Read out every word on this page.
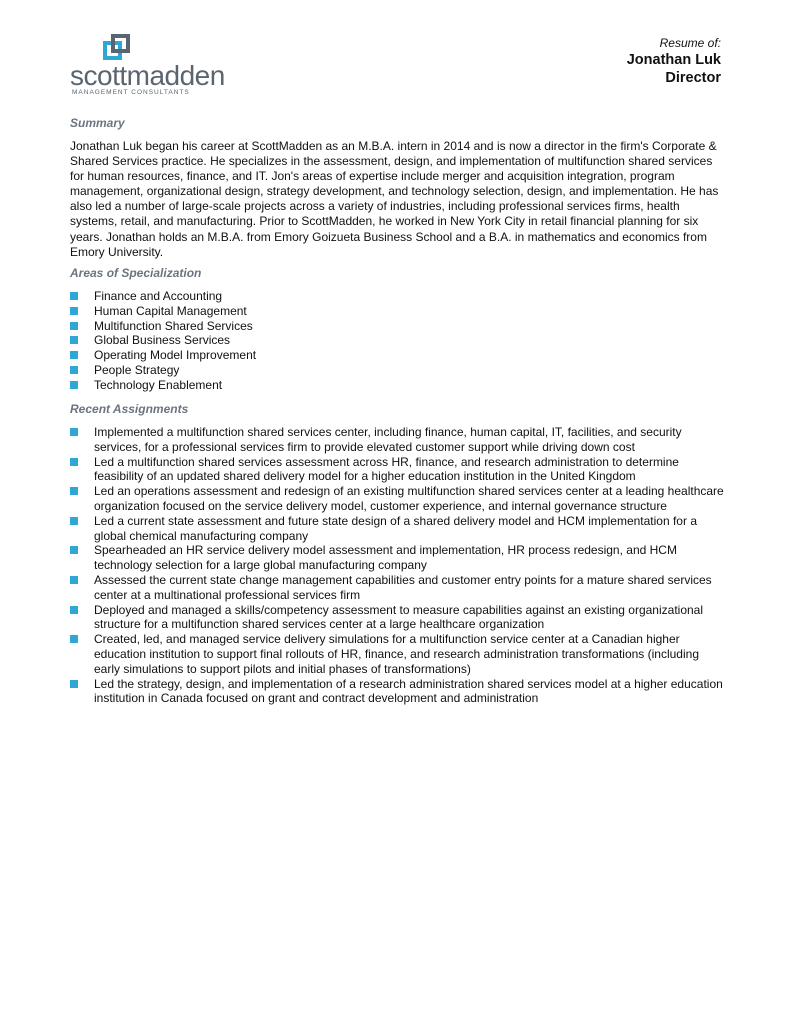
scottmadden
MANAGEMENT CONSULTANTS
Resume of:
Jonathan Luk
Director
Summary

Jonathan Luk began his career at ScottMadden as an M.B.A. intern in 2014 and is now a director in the firm's Corporate & Shared Services practice. He specializes in the assessment, design, and implementation of multifunction shared services for human resources, finance, and IT. Jon's areas of expertise include merger and acquisition integration, program management, organizational design, strategy development, and technology selection, design, and implementation. He has also led a number of large-scale projects across a variety of industries, including professional services firms, health systems, retail, and manufacturing. Prior to ScottMadden, he worked in New York City in retail financial planning for six years. Jonathan holds an M.B.A. from Emory Goizueta Business School and a B.A. in mathematics and economics from Emory University.

Areas of Specialization
Finance and Accounting
Human Capital Management
Multifunction Shared Services
Global Business Services
Operating Model Improvement
People Strategy
Technology Enablement
Recent Assignments
Implemented a multifunction shared services center, including finance, human capital, IT, facilities, and security services, for a professional services firm to provide elevated customer support while driving down cost
Led a multifunction shared services assessment across HR, finance, and research administration to determine feasibility of an updated shared delivery model for a higher education institution in the United Kingdom
Led an operations assessment and redesign of an existing multifunction shared services center at a leading healthcare organization focused on the service delivery model, customer experience, and internal governance structure
Led a current state assessment and future state design of a shared delivery model and HCM implementation for a global chemical manufacturing company
Spearheaded an HR service delivery model assessment and implementation, HR process redesign, and HCM technology selection for a large global manufacturing company
Assessed the current state change management capabilities and customer entry points for a mature shared services center at a multinational professional services firm
Deployed and managed a skills/competency assessment to measure capabilities against an existing organizational structure for a multifunction shared services center at a large healthcare organization
Created, led, and managed service delivery simulations for a multifunction service center at a Canadian higher education institution to support final rollouts of HR, finance, and research administration transformations (including early simulations to support pilots and initial phases of transformations)
Led the strategy, design, and implementation of a research administration shared services model at a higher education institution in Canada focused on grant and contract development and administration
